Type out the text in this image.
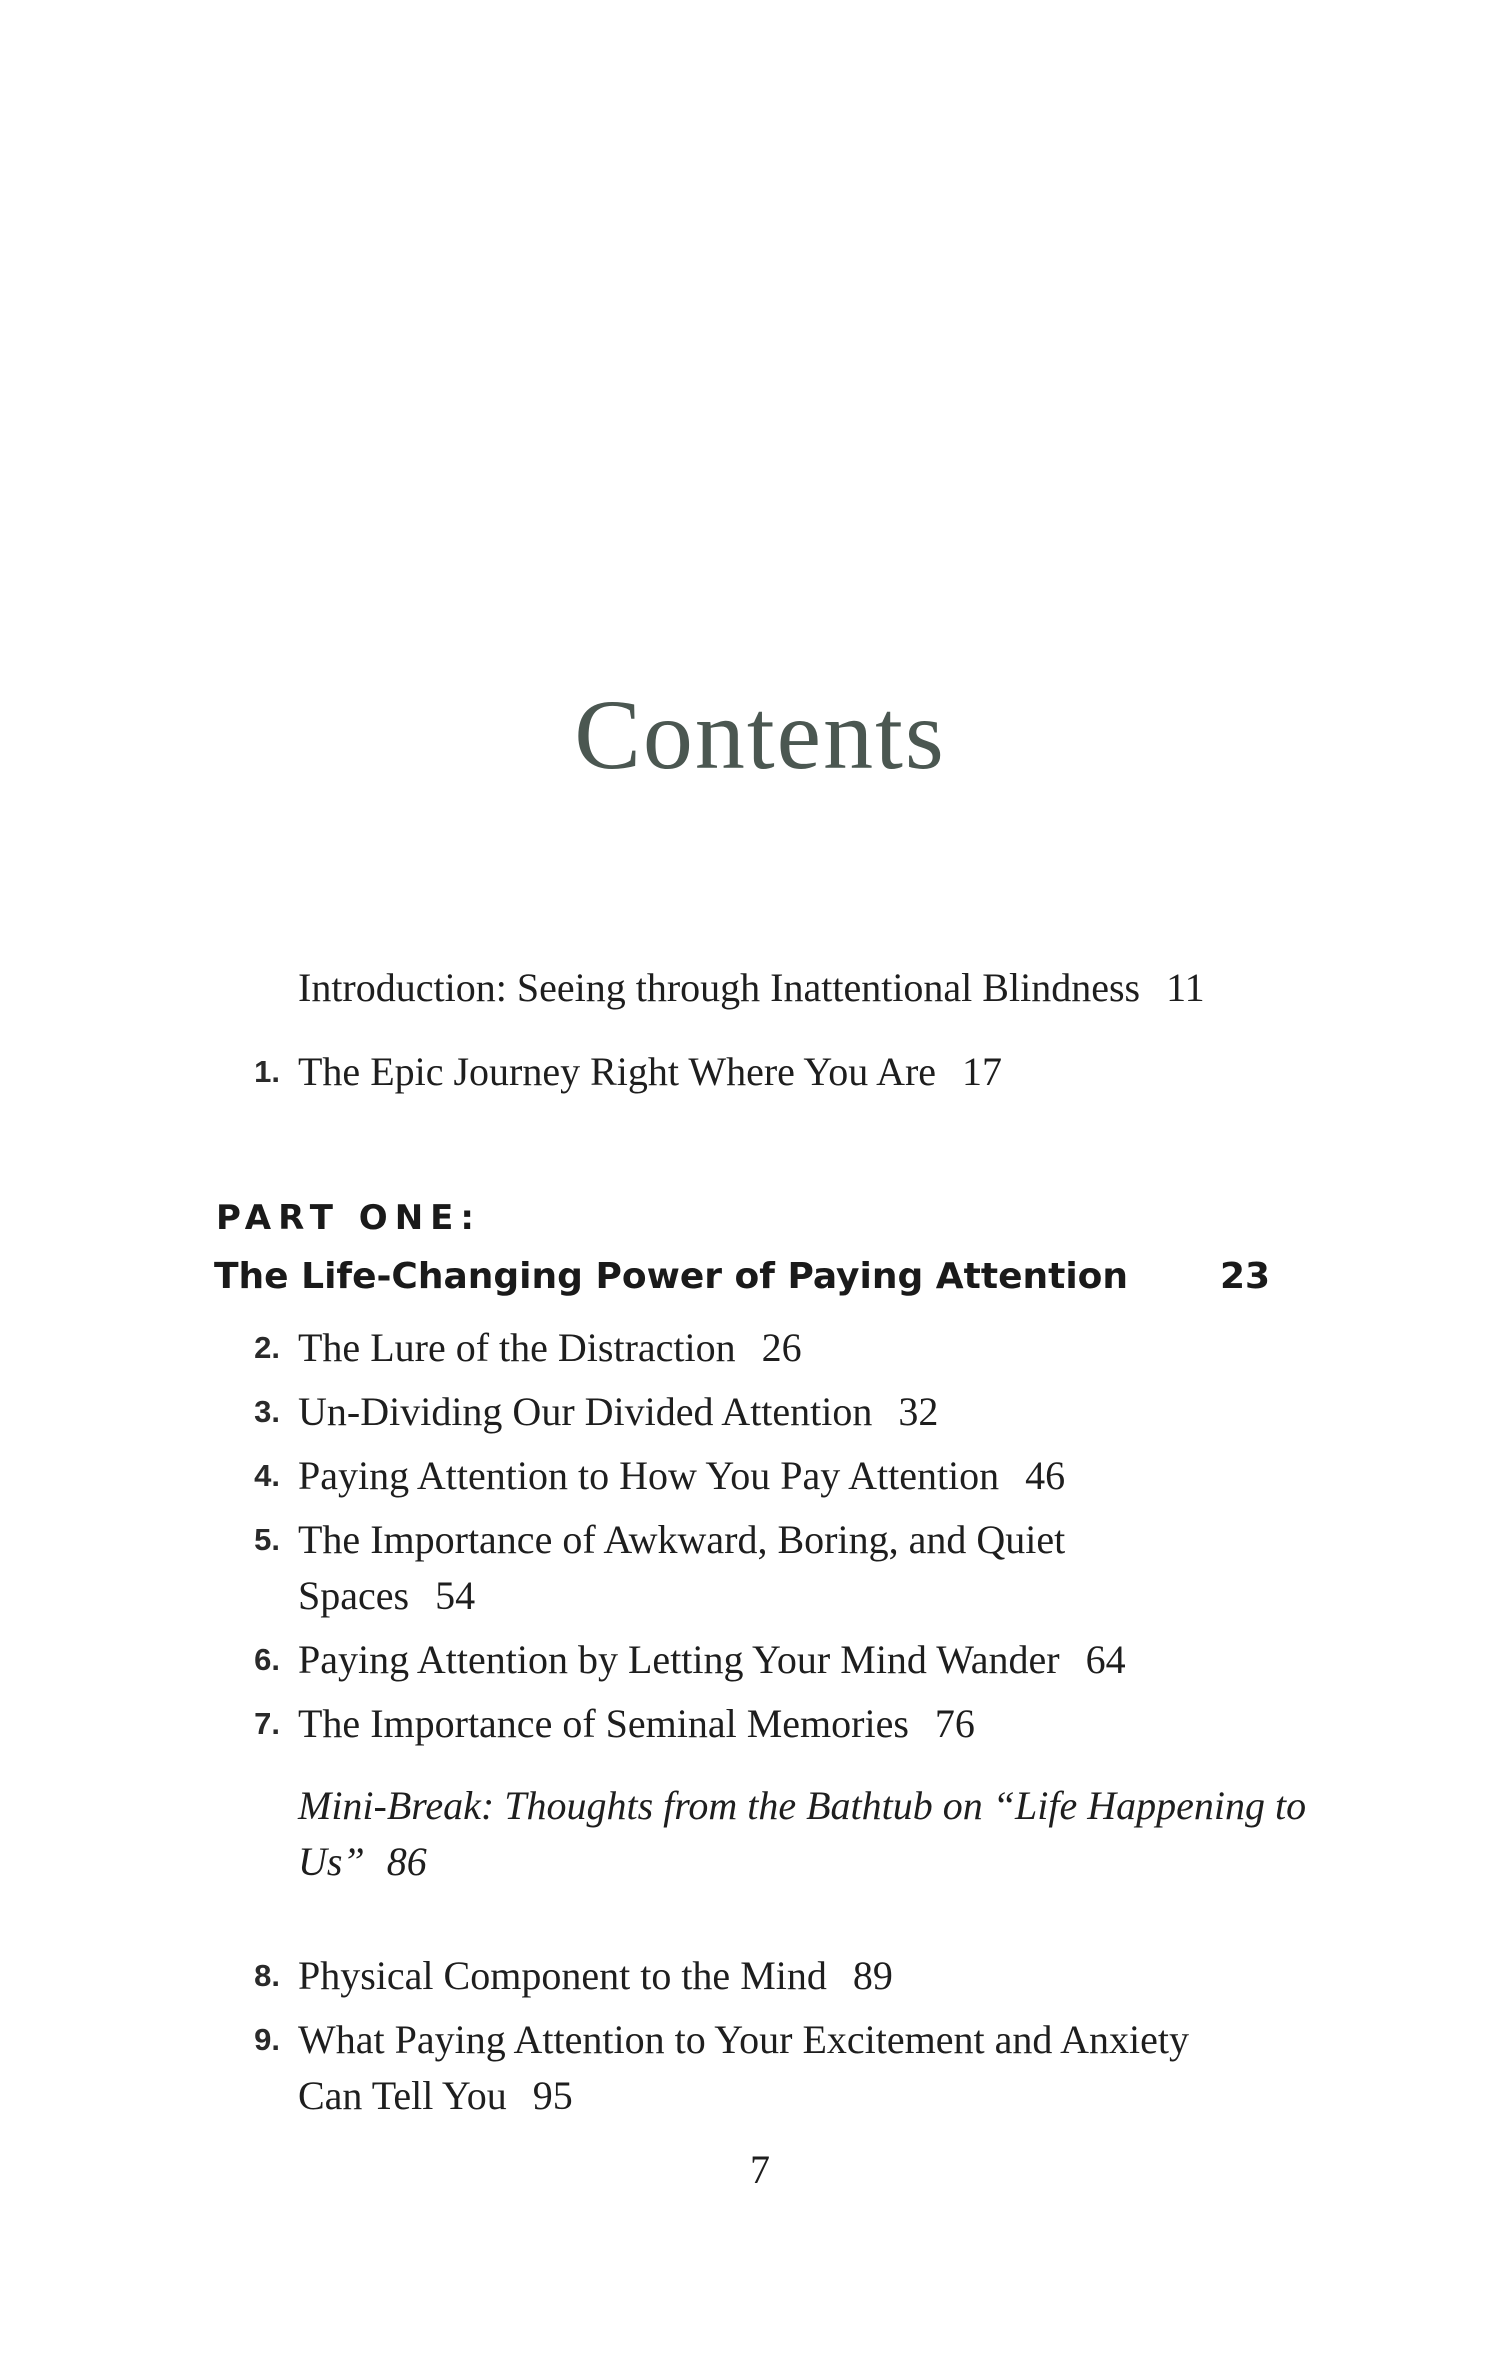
Contents
Introduction: Seeing through Inattentional Blindness 11
1. The Epic Journey Right Where You Are 17
PART ONE:
The Life-Changing Power of Paying Attention	23
2. The Lure of the Distraction 26
3. Un-Dividing Our Divided Attention 32
4. Paying Attention to How You Pay Attention 46
5. The Importance of Awkward, Boring, and Quiet
Spaces 54
6. Paying Attention by Letting Your Mind Wander 64
7. The Importance of Seminal Memories 76
Mini-Break: Thoughts from the Bathtub on “Life Happening to Us” 86
8. Physical Component to the Mind 89
9. What Paying Attention to Your Excitement and Anxiety
Can Tell You 95
7
